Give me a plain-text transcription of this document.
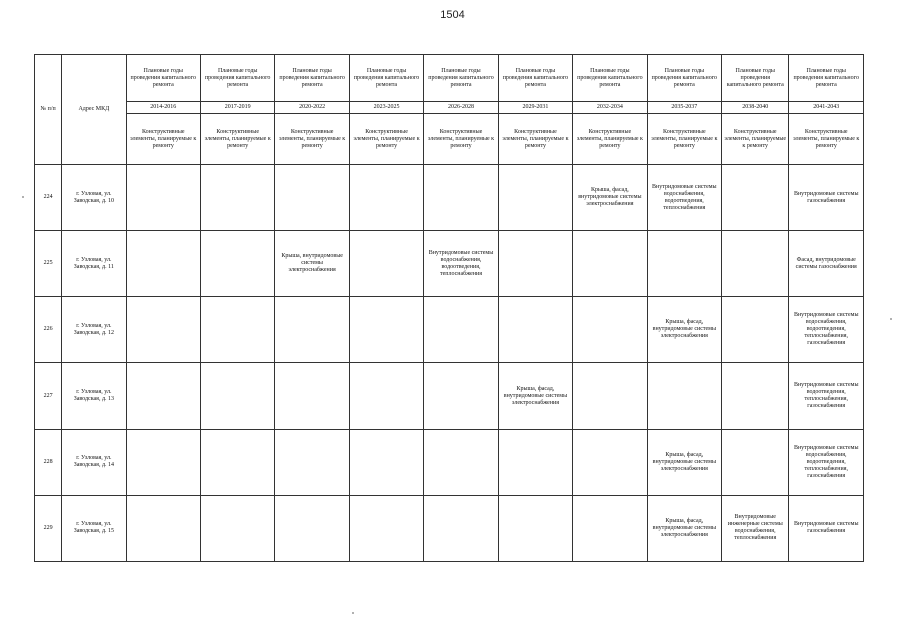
1504
№ п/п	Адрес МКД	Плановые годы проведения капитального ремонта	Плановые годы проведения капитального ремонта	Плановые годы проведения капитального ремонта	Плановые годы проведения капитального ремонта	Плановые годы проведения капитального ремонта	Плановые годы проведения капитального ремонта	Плановые годы проведения капитального ремонта	Плановые годы проведения капитального ремонта	Плановые годы проведения капитального ремонта	Плановые годы проведения капитального ремонта
		2014-2016	2017-2019	2020-2022	2023-2025	2026-2028	2029-2031	2032-2034	2035-2037	2038-2040	2041-2043
		Конструктивные элементы, планируемые к ремонту	Конструктивные элементы, планируемые к ремонту	Конструктивные элементы, планируемые к ремонту	Конструктивные элементы, планируемые к ремонту	Конструктивные элементы, планируемые к ремонту	Конструктивные элементы, планируемые к ремонту	Конструктивные элементы, планируемые к ремонту	Конструктивные элементы, планируемые к ремонту	Конструктивные элементы, планируемые к ремонту	Конструктивные элементы, планируемые к ремонту
224	г. Узловая, ул. Заводская, д. 10							Крыша, фасад, внутридомовые системы электроснабжения	Внутридомовые системы водоснабжения, водоотведения, теплоснабжения		Внутридомовые системы газоснабжения
225	г. Узловая, ул. Заводская, д. 11			Крыша, внутридомовые системы электроснабжения		Внутридомовые системы водоснабжения, водоотведения, теплоснабжения					Фасад, внутридомовые системы газоснабжения
226	г. Узловая, ул. Заводская, д. 12								Крыша, фасад, внутридомовые системы электроснабжения		Внутридомовые системы водоснабжения, водоотведения, теплоснабжения, газоснабжения
227	г. Узловая, ул. Заводская, д. 13						Крыша, фасад, внутридомовые системы электроснабжения				Внутридомовые системы водоотведения, теплоснабжения, газоснабжения
228	г. Узловая, ул. Заводская, д. 14								Крыша, фасад, внутридомовые системы электроснабжения		Внутридомовые системы водоснабжения, водоотведения, теплоснабжения, газоснабжения
229	г. Узловая, ул. Заводская, д. 15								Крыша, фасад, внутридомовые системы электроснабжения	Внутридомовые инженерные системы водоснабжения, теплоснабжения	Внутридомовые системы газоснабжения
